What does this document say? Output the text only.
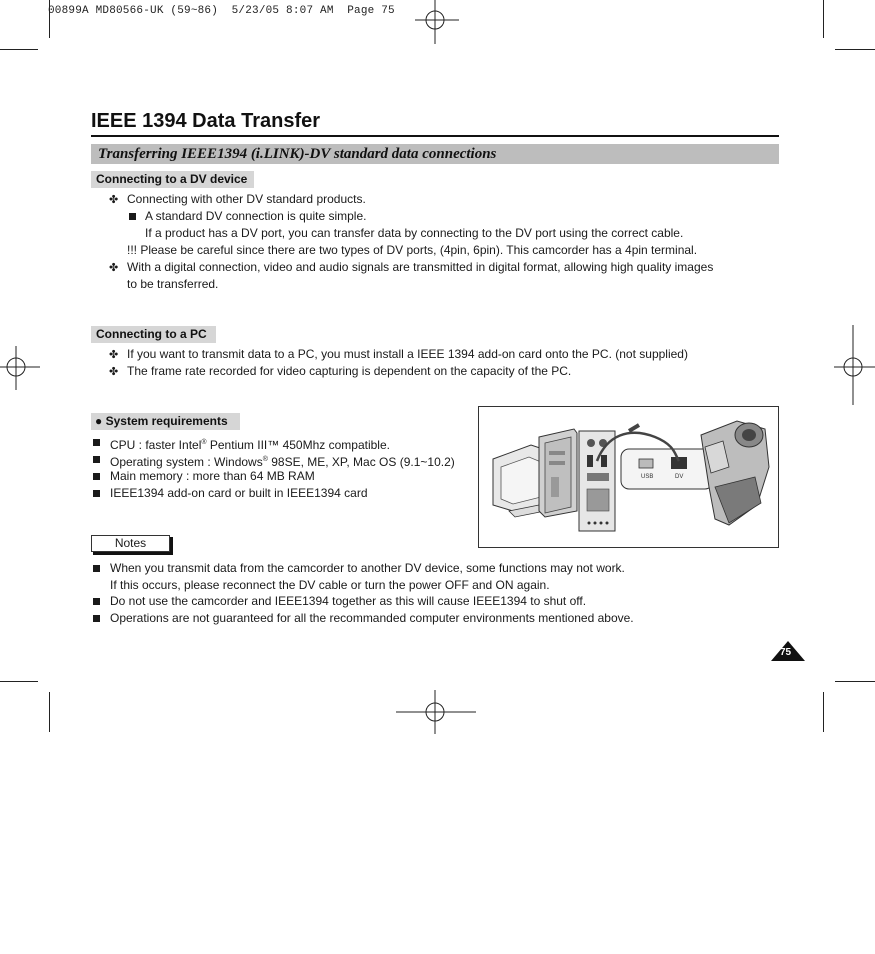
00899A MD80566-UK (59~86)  5/23/05 8:07 AM  Page 75
IEEE 1394 Data Transfer
Transferring IEEE1394 (i.LINK)-DV standard data connections
Connecting to a DV device
✤ Connecting with other DV standard products.
A standard DV connection is quite simple.
If a product has a DV port, you can transfer data by connecting to the DV port using the correct cable.
!!! Please be careful since there are two types of DV ports, (4pin, 6pin). This camcorder has a 4pin terminal.
✤ With a digital connection, video and audio signals are transmitted in digital format, allowing high quality images
to be transferred.
Connecting to a PC
✤ If you want to transmit data to a PC, you must install a IEEE 1394 add-on card onto the PC. (not supplied)
✤ The frame rate recorded for video capturing is dependent on the capacity of the PC.
● System requirements
CPU : faster Intel® Pentium III™ 450Mhz compatible.
Operating system : Windows® 98SE, ME, XP, Mac OS (9.1~10.2)
Main memory : more than 64 MB RAM
IEEE1394 add-on card or built in IEEE1394 card
USB	DV
Notes
When you transmit data from the camcorder to another DV device, some functions may not work.
If this occurs, please reconnect the DV cable or turn the power OFF and ON again.
Do not use the camcorder and IEEE1394 together as this will cause IEEE1394 to shut off.
Operations are not guaranteed for all the recommanded computer environments mentioned above.
75
